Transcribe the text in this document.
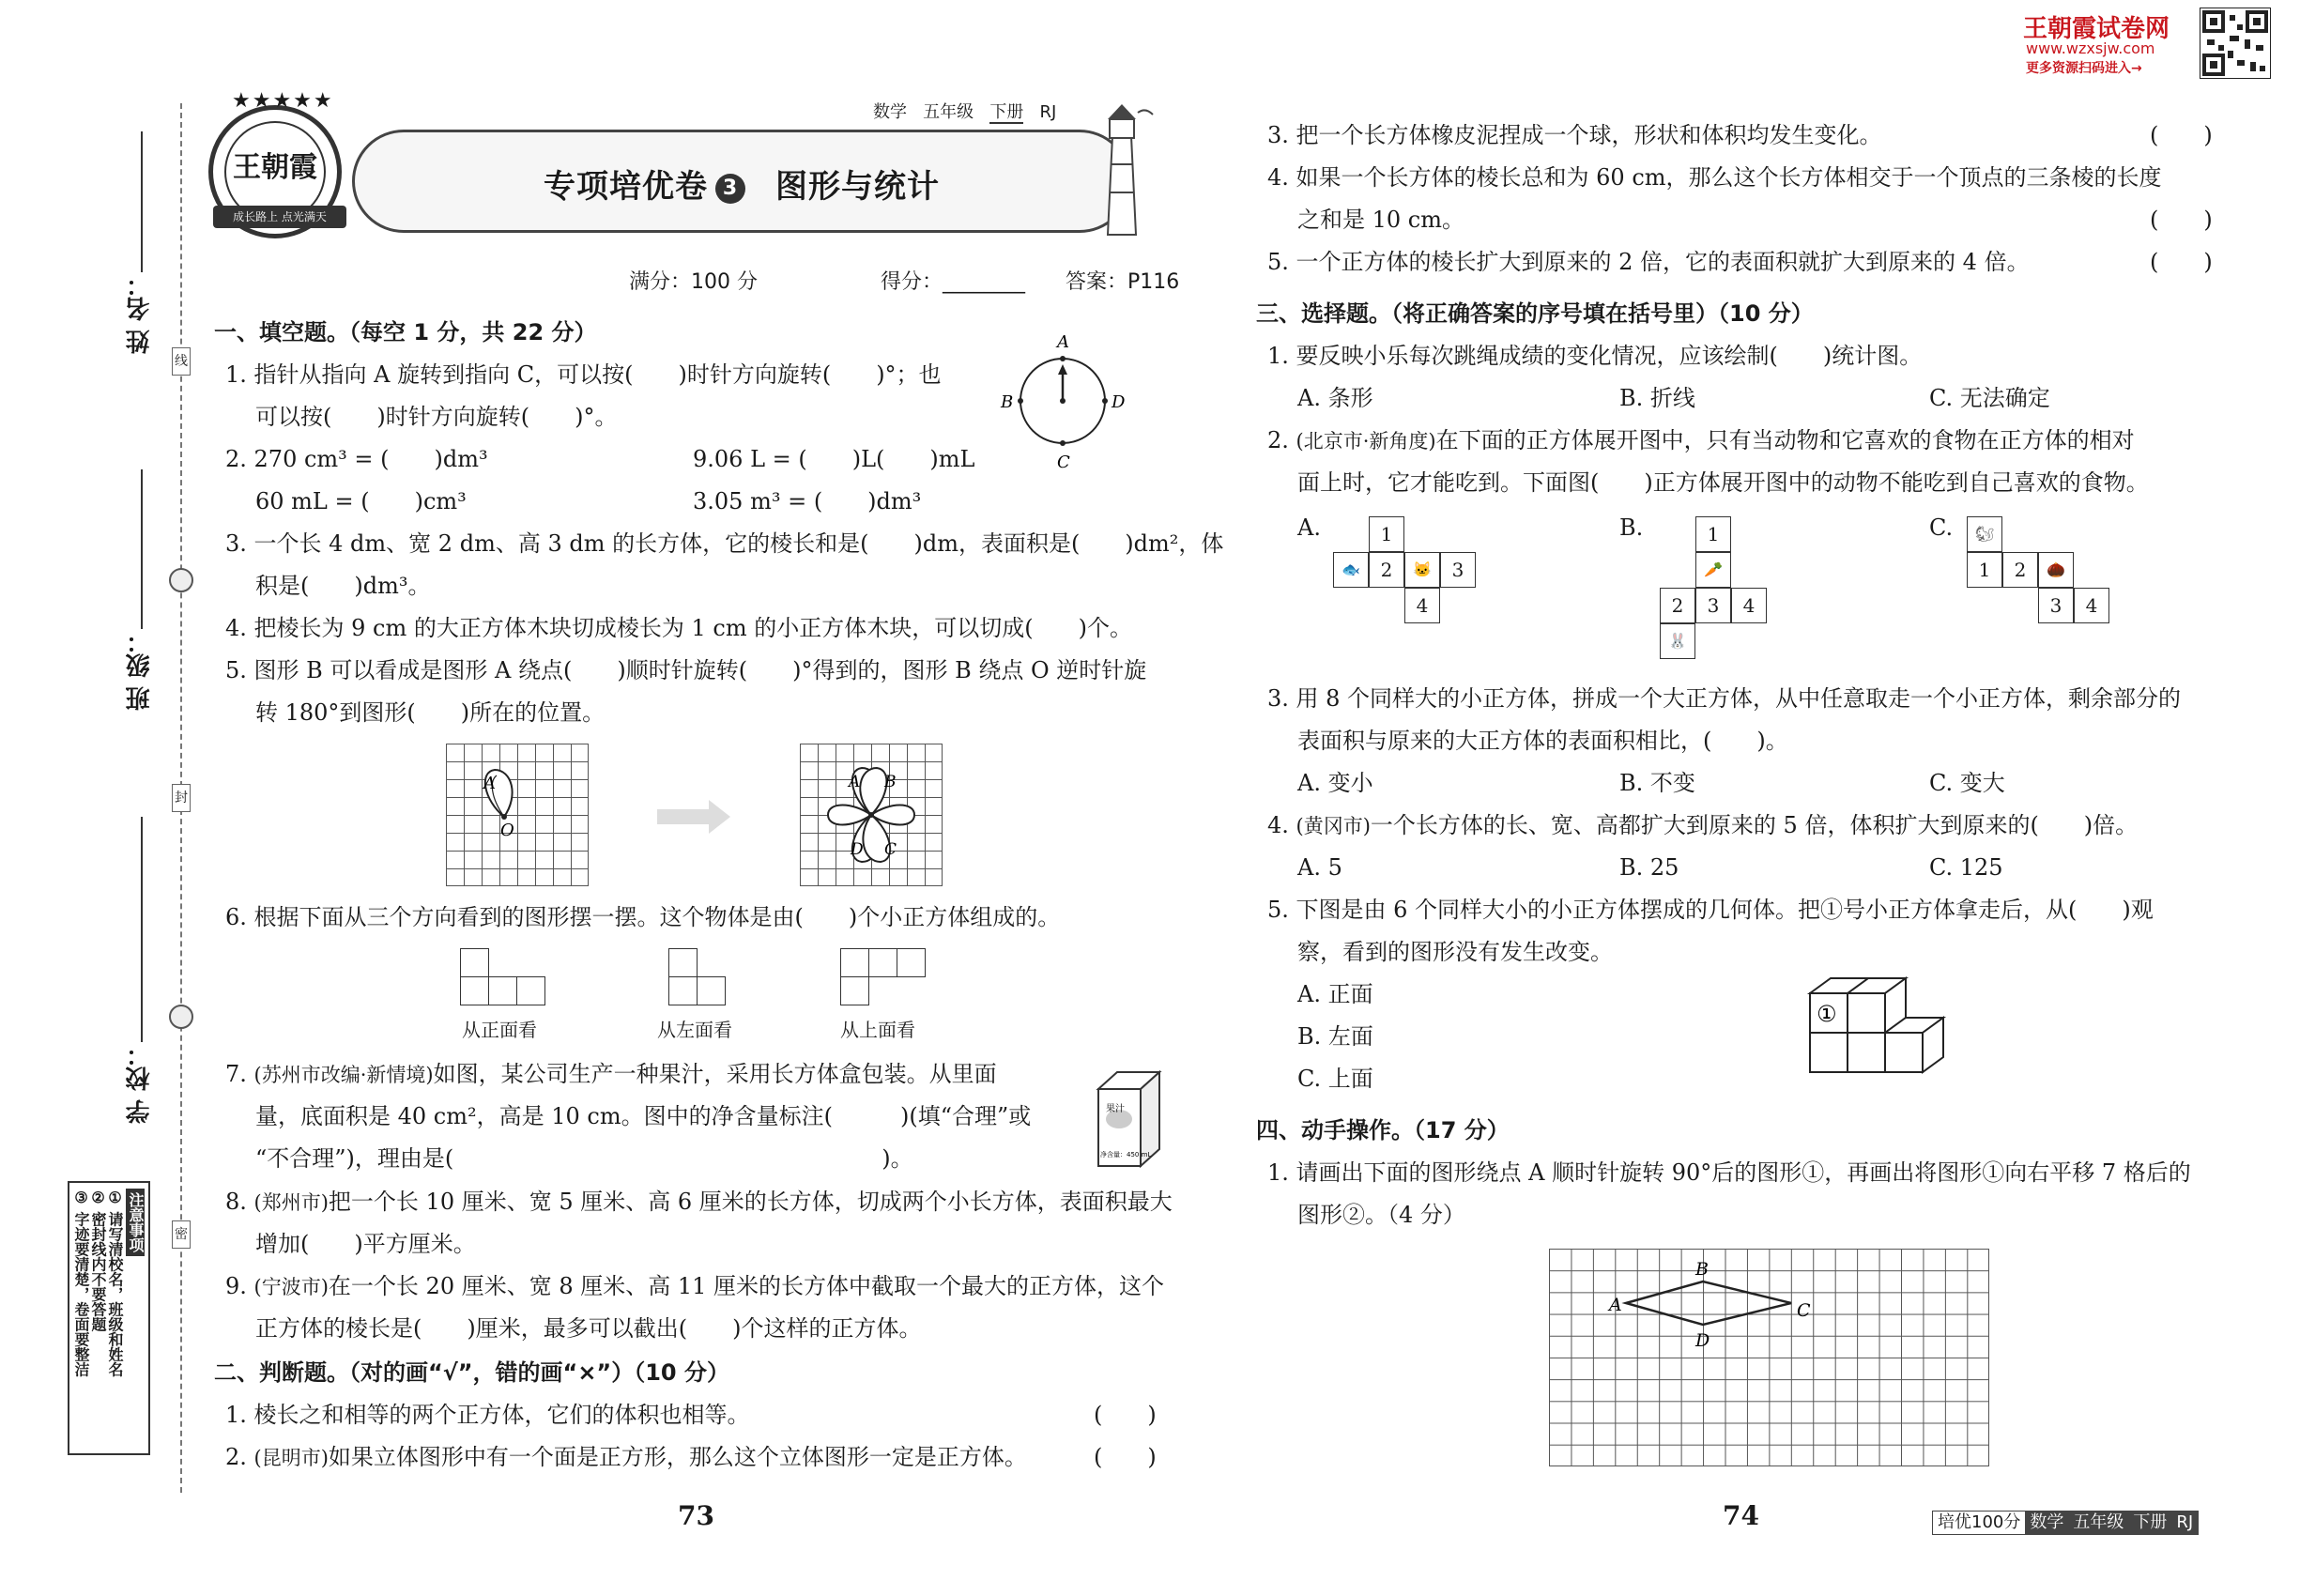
姓 名：
班 级：
学 校：
线
封
密
注意事项
① 请写清校名，班级和姓名
② 密封线内不要答题
③ 字迹要清楚，卷面要整洁
数学 五年级 下册 RJ
专项培优卷 3 图形与统计
★★★★★
王朝霞
成长路上 点光满天
满分：100 分	得分：________ 答案：P116
王朝霞试卷网
www.wzxsjw.com
更多资源扫码进入→
一、填空题。（每空 1 分，共 22 分）
1. 指针从指向 A 旋转到指向 C，可以按(　　)时针方向旋转(　　)°；也
可以按(　　)时针方向旋转(　　)°。
A
B	D
C
2. 270 cm³ = (　　)dm³	9.06 L = (　　)L(　　)mL
60 mL = (　　)cm³	3.05 m³ = (　　)dm³
3. 一个长 4 dm、宽 2 dm、高 3 dm 的长方体，它的棱长和是(　　)dm，表面积是(　　)dm²，体
积是(　　)dm³。
4. 把棱长为 9 cm 的大正方体木块切成棱长为 1 cm 的小正方体木块，可以切成(　　)个。
5. 图形 B 可以看成是图形 A 绕点(　　)顺时针旋转(　　)°得到的，图形 B 绕点 O 逆时针旋
转 180°到图形(　　)所在的位置。
A
O
A B
D C
6. 根据下面从三个方向看到的图形摆一摆。这个物体是由(　　)个小正方体组成的。
从正面看	从左面看	从上面看
7. (苏州市改编·新情境)如图，某公司生产一种果汁，采用长方体盒包装。从里面
量，底面积是 40 cm²，高是 10 cm。图中的净含量标注(　　　)(填“合理”或
“不合理”)，理由是(　　　　　　　　　　　　　　　　　　　)。
果汁
净含量：450 mL
8. (郑州市)把一个长 10 厘米、宽 5 厘米、高 6 厘米的长方体，切成两个小长方体，表面积最大
增加(　　)平方厘米。
9. (宁波市)在一个长 20 厘米、宽 8 厘米、高 11 厘米的长方体中截取一个最大的正方体，这个
正方体的棱长是(　　)厘米，最多可以截出(　　)个这样的正方体。
二、判断题。（对的画“√”，错的画“×”）（10 分）
1. 棱长之和相等的两个正方体，它们的体积也相等。	(　　)
2. (昆明市)如果立体图形中有一个面是正方形，那么这个立体图形一定是正方体。	(　　)
73
3. 把一个长方体橡皮泥捏成一个球，形状和体积均发生变化。	(　　)
4. 如果一个长方体的棱长总和为 60 cm，那么这个长方体相交于一个顶点的三条棱的长度
之和是 10 cm。	(　　)
5. 一个正方体的棱长扩大到原来的 2 倍，它的表面积就扩大到原来的 4 倍。	(　　)
三、选择题。（将正确答案的序号填在括号里）（10 分）
1. 要反映小乐每次跳绳成绩的变化情况，应该绘制(　　)统计图。
A. 条形	B. 折线	C. 无法确定
2. (北京市·新角度)在下面的正方体展开图中，只有当动物和它喜欢的食物在正方体的相对
面上时，它才能吃到。下面图(　　)正方体展开图中的动物不能吃到自己喜欢的食物。
A.	1
🐟	2	🐱	3
4
B.	1
🥕
2	3	4
🐰
C.	🐿
1	2	🌰
3	4
3. 用 8 个同样大的小正方体，拼成一个大正方体，从中任意取走一个小正方体，剩余部分的
表面积与原来的大正方体的表面积相比，(　　)。
A. 变小	B. 不变	C. 变大
4. (黄冈市)一个长方体的长、宽、高都扩大到原来的 5 倍，体积扩大到原来的(　　)倍。
A. 5	B. 25	C. 125
5. 下图是由 6 个同样大小的小正方体摆成的几何体。把①号小正方体拿走后，从(　　)观
察，看到的图形没有发生改变。
A. 正面
B. 左面
C. 上面
①
四、动手操作。（17 分）
1. 请画出下面的图形绕点 A 顺时针旋转 90°后的图形①，再画出将图形①向右平移 7 格后的
图形②。（4 分）
A
B
C
D
74	培优100分 数学 五年级 下册 RJ
